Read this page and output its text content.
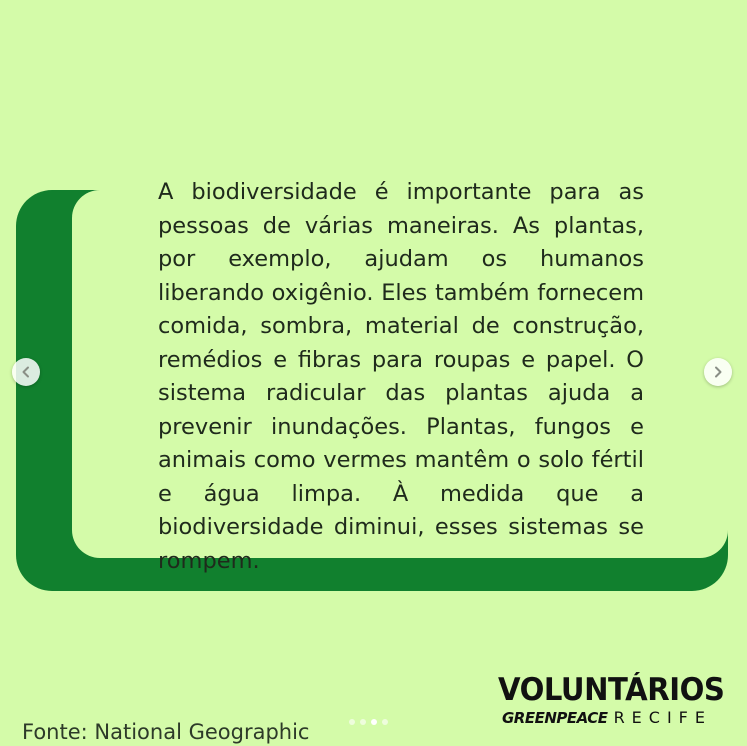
A biodiversidade é importante para as pessoas de várias maneiras. As plantas, por exemplo, ajudam os humanos liberando oxigênio. Eles também fornecem comida, sombra, material de construção, remédios e fibras para roupas e papel. O sistema radicular das plantas ajuda a prevenir inundações. Plantas, fungos e animais como vermes mantêm o solo fértil e água limpa. À medida que a biodiversidade diminui, esses sistemas se rompem.

Fonte: National Geographic
VOLUNTÁRIOS
GREENPEACE RECIFE
